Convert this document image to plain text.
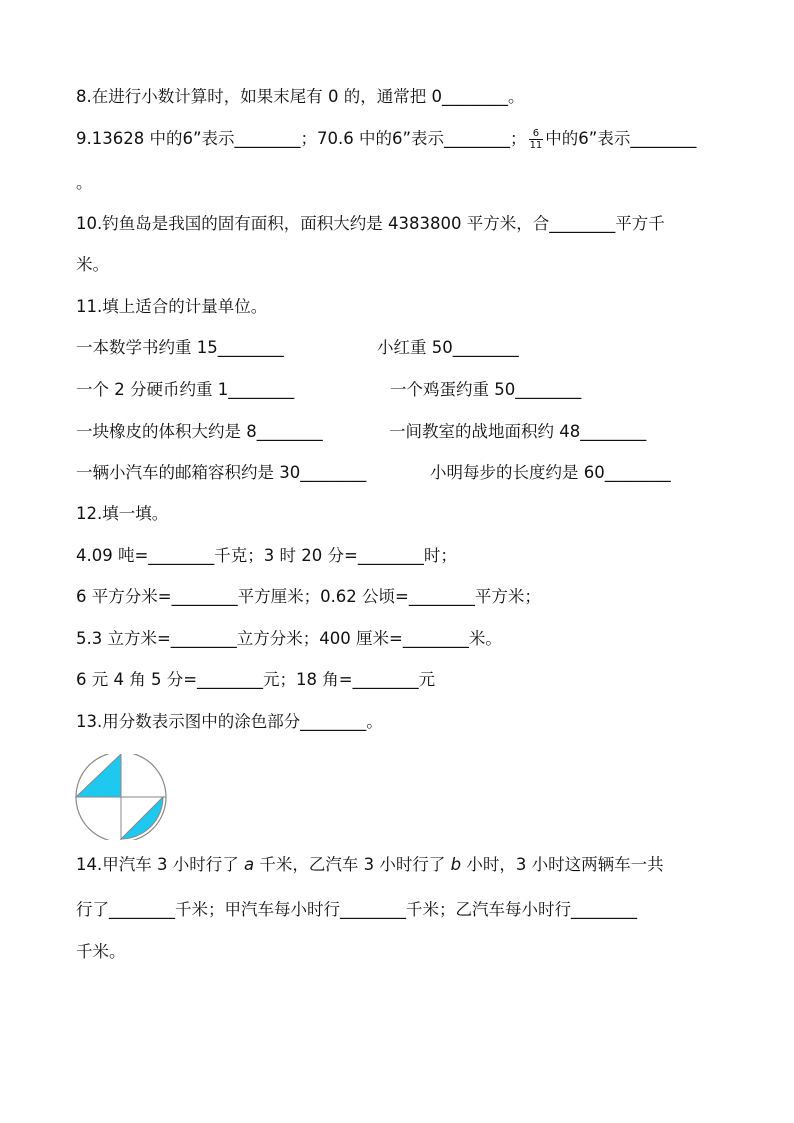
8.在进行小数计算时，如果末尾有 0 的，通常把 0________。
9.13628 中的6”表示________；70.6 中的6”表示________； $\frac{6}{11}$ 中的6”表示________
。
10.钓鱼岛是我国的固有面积，面积大约是 4383800 平方米，合________平方千
米。
11.填上适合的计量单位。
一本数学书约重 15________	小红重 50________
一个 2 分硬币约重 1________	一个鸡蛋约重 50________
一块橡皮的体积大约是 8________	一间教室的战地面积约 48________
一辆小汽车的邮箱容积约是 30________	小明每步的长度约是 60________
12.填一填。
4.09 吨=________千克；3 时 20 分=________时；
6 平方分米=________平方厘米；0.62 公顷=________平方米；
5.3 立方米=________立方分米；400 厘米=________米。
6 元 4 角 5 分=________元；18 角=________元
13.用分数表示图中的涂色部分________。
14.甲汽车 3 小时行了 a 千米，乙汽车 3 小时行了 b 小时，3 小时这两辆车一共
行了________千米；甲汽车每小时行________千米；乙汽车每小时行________
千米。
